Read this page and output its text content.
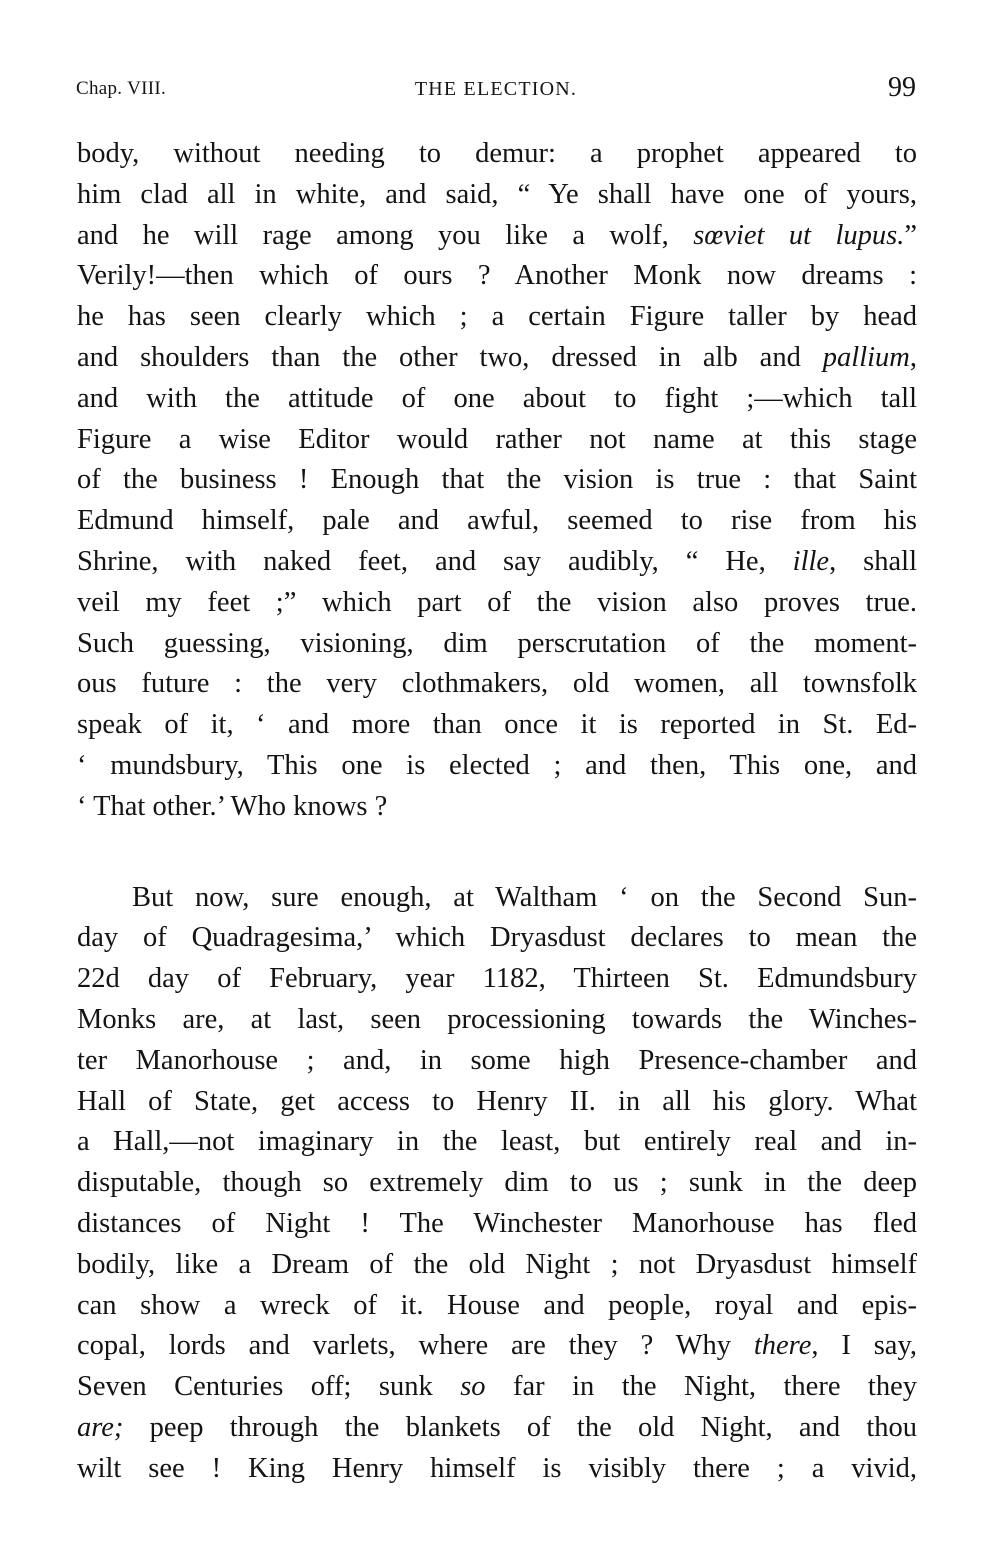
Chap. VIII.	THE ELECTION.	99
body, without needing to demur: a prophet appeared to
him clad all in white, and said, “ Ye shall have one of yours,
and he will rage among you like a wolf, sœviet ut lupus.”
Verily!—then which of ours ? Another Monk now dreams :
he has seen clearly which ; a certain Figure taller by head
and shoulders than the other two, dressed in alb and pallium,
and with the attitude of one about to fight ;—which tall
Figure a wise Editor would rather not name at this stage
of the business ! Enough that the vision is true : that Saint
Edmund himself, pale and awful, seemed to rise from his
Shrine, with naked feet, and say audibly, “ He, ille, shall
veil my feet ;” which part of the vision also proves true.
Such guessing, visioning, dim perscrutation of the moment-
ous future : the very clothmakers, old women, all townsfolk
speak of it, ‘ and more than once it is reported in St. Ed-
‘ mundsbury, This one is elected ; and then, This one, and
‘ That other.’ Who knows ?
But now, sure enough, at Waltham ‘ on the Second Sun-
day of Quadragesima,’ which Dryasdust declares to mean the
22d day of February, year 1182, Thirteen St. Edmundsbury
Monks are, at last, seen processioning towards the Winches-
ter Manorhouse ; and, in some high Presence-chamber and
Hall of State, get access to Henry II. in all his glory. What
a Hall,—not imaginary in the least, but entirely real and in-
disputable, though so extremely dim to us ; sunk in the deep
distances of Night ! The Winchester Manorhouse has fled
bodily, like a Dream of the old Night ; not Dryasdust himself
can show a wreck of it. House and people, royal and epis-
copal, lords and varlets, where are they ? Why there, I say,
Seven Centuries off; sunk so far in the Night, there they
are; peep through the blankets of the old Night, and thou
wilt see ! King Henry himself is visibly there ; a vivid,
